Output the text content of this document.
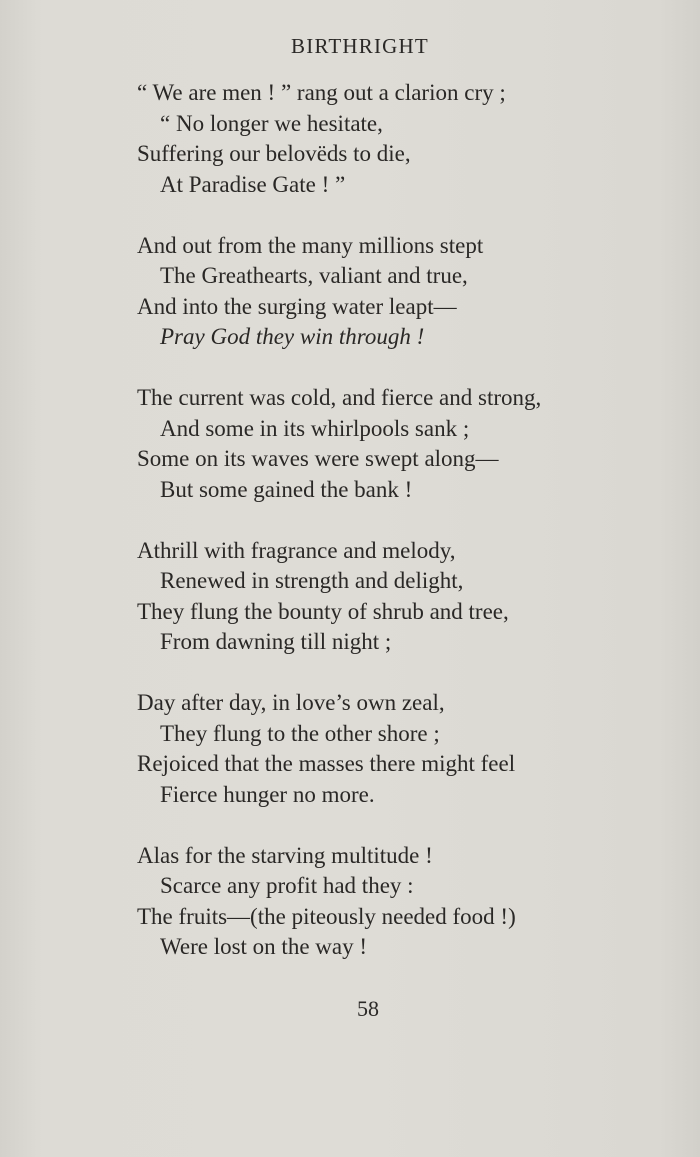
BIRTHRIGHT
“ We are men ! ” rang out a clarion cry ;
“ No longer we hesitate,
Suffering our belovëds to die,
At Paradise Gate ! ”
And out from the many millions stept
The Greathearts, valiant and true,
And into the surging water leapt—
Pray God they win through !
The current was cold, and fierce and strong,
And some in its whirlpools sank ;
Some on its waves were swept along—
But some gained the bank !
Athrill with fragrance and melody,
Renewed in strength and delight,
They flung the bounty of shrub and tree,
From dawning till night ;
Day after day, in love’s own zeal,
They flung to the other shore ;
Rejoiced that the masses there might feel
Fierce hunger no more.
Alas for the starving multitude !
Scarce any profit had they :
The fruits—(the piteously needed food !)
Were lost on the way !
58
